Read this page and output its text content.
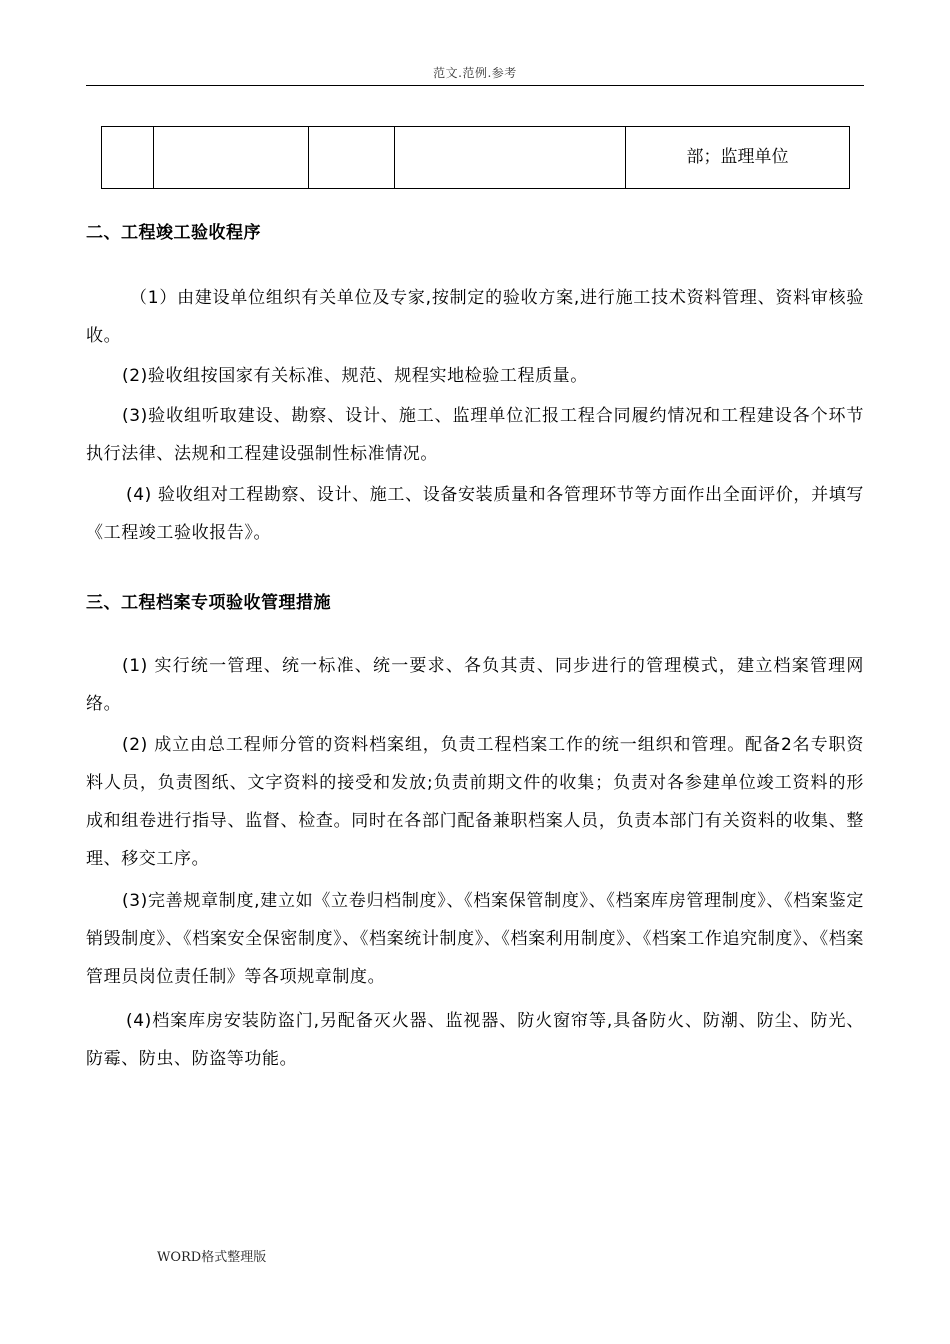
范文.范例.参考
				部；监理单位
二、工程竣工验收程序

（1）由建设单位组织有关单位及专家,按制定的验收方案,进行施工技术资料管理、资料审核验收。

(2)验收组按国家有关标准、规范、规程实地检验工程质量。

(3)验收组听取建设、勘察、设计、施工、监理单位汇报工程合同履约情况和工程建设各个环节执行法律、法规和工程建设强制性标准情况。

(4) 验收组对工程勘察、设计、施工、设备安装质量和各管理环节等方面作出全面评价，并填写《工程竣工验收报告》。

三、工程档案专项验收管理措施

(1) 实行统一管理、统一标准、统一要求、各负其责、同步进行的管理模式，建立档案管理网络。

(2) 成立由总工程师分管的资料档案组，负责工程档案工作的统一组织和管理。配备2名专职资料人员，负责图纸、文字资料的接受和发放;负责前期文件的收集；负责对各参建单位竣工资料的形成和组卷进行指导、监督、检查。同时在各部门配备兼职档案人员，负责本部门有关资料的收集、整理、移交工序。

(3)完善规章制度,建立如《立卷归档制度》、《档案保管制度》、《档案库房管理制度》、《档案鉴定销毁制度》、《档案安全保密制度》、《档案统计制度》、《档案利用制度》、《档案工作追究制度》、《档案管理员岗位责任制》等各项规章制度。

(4)档案库房安装防盗门,另配备灭火器、监视器、防火窗帘等,具备防火、防潮、防尘、防光、防霉、防虫、防盗等功能。

WORD格式整理版
